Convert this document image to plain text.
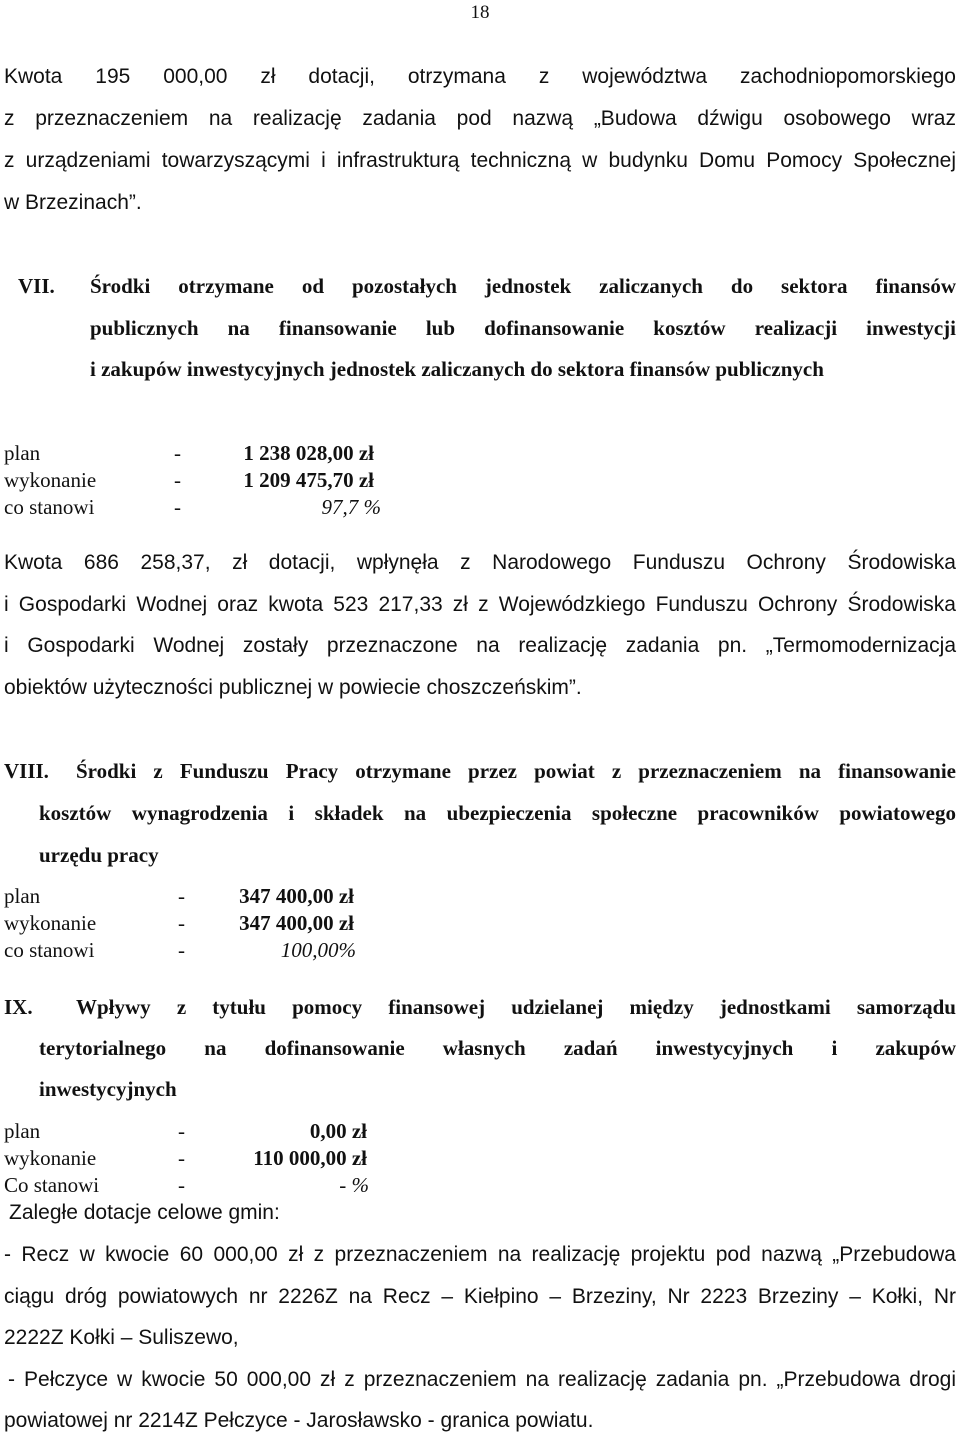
18
Kwota 195 000,00 zł dotacji, otrzymana z województwa zachodniopomorskiego
z przeznaczeniem na realizację zadania pod nazwą „Budowa dźwigu osobowego wraz
z urządzeniami towarzyszącymi i infrastrukturą techniczną w budynku Domu Pomocy Społecznej
w Brzezinach”.
VII. Środki otrzymane od pozostałych jednostek zaliczanych do sektora finansów
publicznych na finansowanie lub dofinansowanie kosztów realizacji inwestycji
i zakupów inwestycyjnych jednostek zaliczanych do sektora finansów publicznych
plan	-	1 238 028,00 zł
wykonanie	-	1 209 475,70 zł
co stanowi	-	97,7 %
Kwota 686 258,37, zł dotacji, wpłynęła z Narodowego Funduszu Ochrony Środowiska
i Gospodarki Wodnej oraz kwota 523 217,33 zł z Wojewódzkiego Funduszu Ochrony Środowiska
i Gospodarki Wodnej zostały przeznaczone na realizację zadania pn. „Termomodernizacja
obiektów użyteczności publicznej w powiecie choszczeńskim”.
VIII. Środki z Funduszu Pracy otrzymane przez powiat z przeznaczeniem na finansowanie
kosztów wynagrodzenia i składek na ubezpieczenia społeczne pracowników powiatowego
urzędu pracy
plan	-	347 400,00 zł
wykonanie	-	347 400,00 zł
co stanowi	-	100,00%
IX. Wpływy z tytułu pomocy finansowej udzielanej między jednostkami samorządu
terytorialnego na dofinansowanie własnych zadań inwestycyjnych i zakupów
inwestycyjnych
plan	-	0,00 zł
wykonanie	-	110 000,00 zł
Co stanowi	-	- %
Zaległe dotacje celowe gmin:
- Recz w kwocie 60 000,00 zł z przeznaczeniem na realizację projektu pod nazwą „Przebudowa
ciągu dróg powiatowych nr 2226Z na Recz – Kiełpino – Brzeziny, Nr 2223 Brzeziny – Kołki, Nr
2222Z Kołki – Suliszewo,
- Pełczyce w kwocie 50 000,00 zł z przeznaczeniem na realizację zadania pn. „Przebudowa drogi
powiatowej nr 2214Z Pełczyce - Jarosławsko - granica powiatu.
